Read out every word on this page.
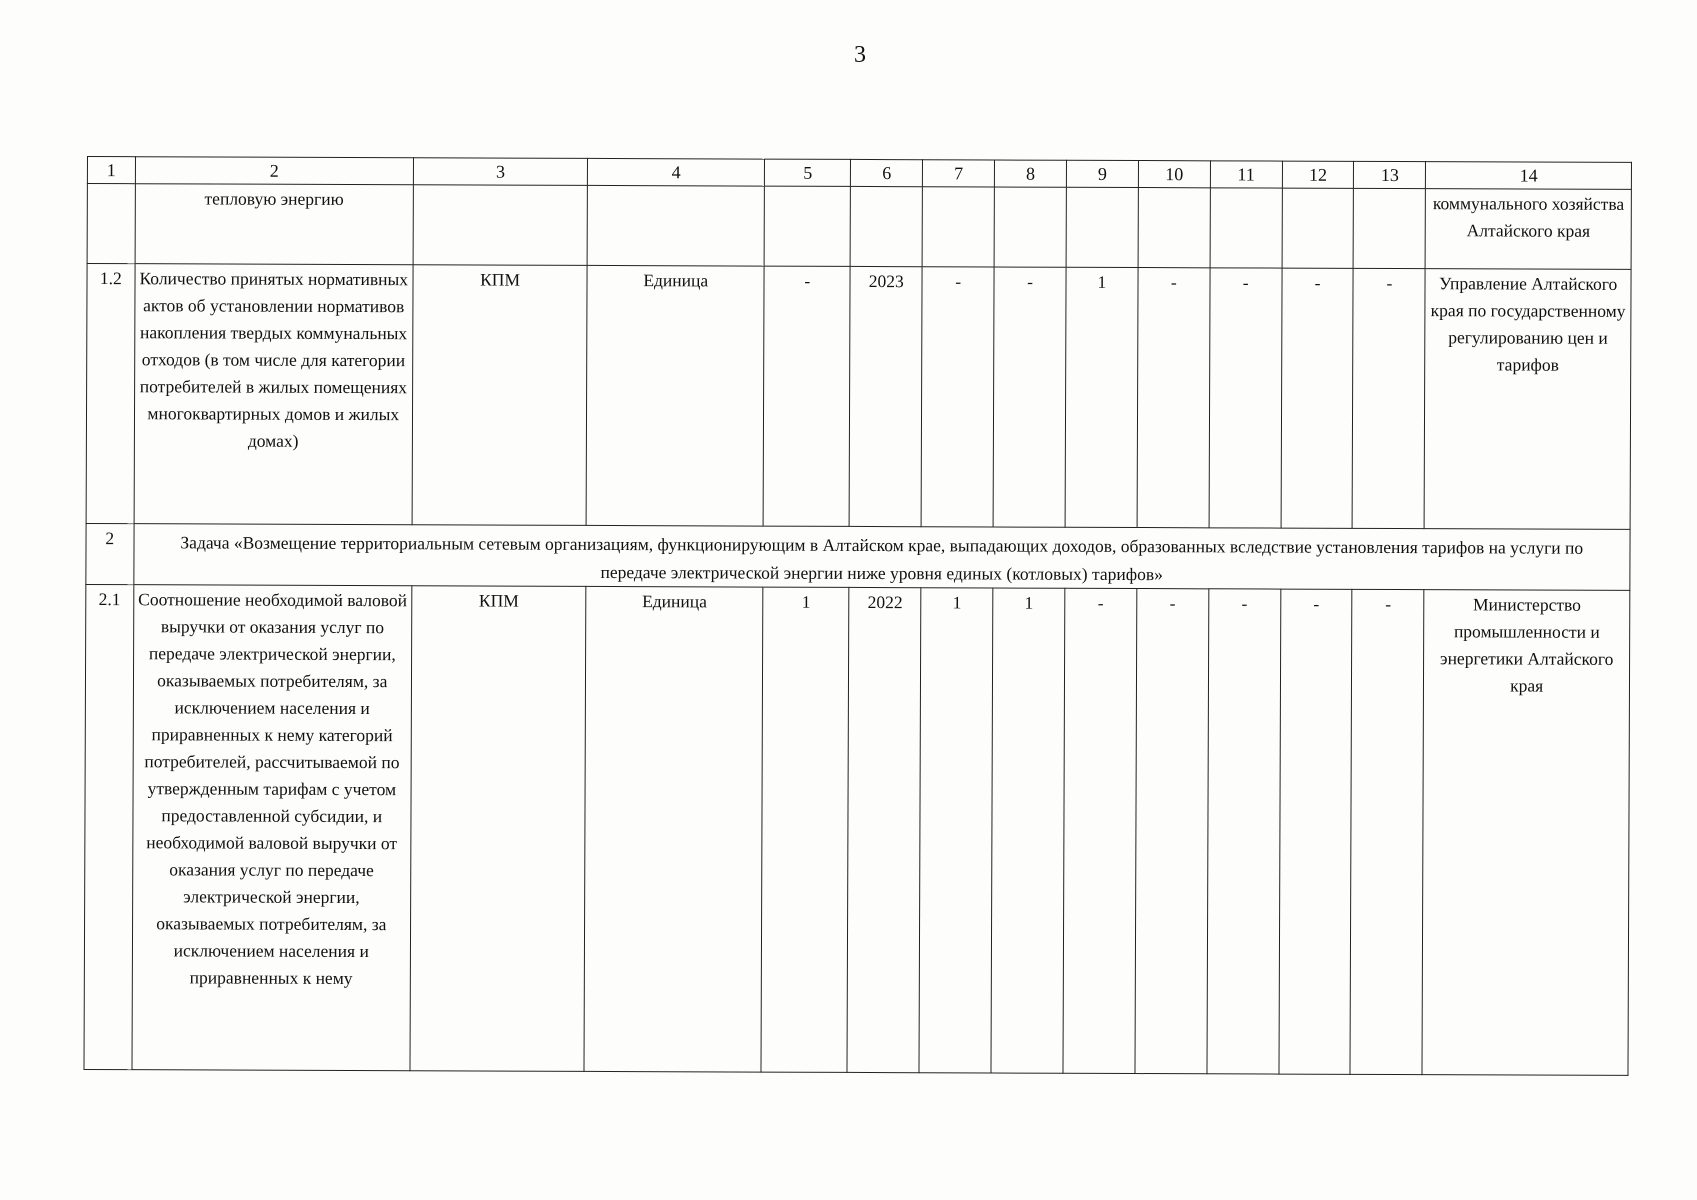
3
1	2	3	4	5	6	7	8	9	10	11	12	13	14
	тепловую энергию												коммунального хозяйства Алтайского края
1.2	Количество принятых нормативных актов об установлении нормативов накопления твердых коммунальных отходов (в том числе для категории потребителей в жилых помещениях многоквартирных домов и жилых домах)	КПМ	Единица	-	2023	-	-	1	-	-	-	-	Управление Алтайского края по государственному регулированию цен и тарифов
2	Задача «Возмещение территориальным сетевым организациям, функционирующим в Алтайском крае, выпадающих доходов, образованных вследствие установления тарифов на услуги по передаче электрической энергии ниже уровня единых (котловых) тарифов»												
2.1	Соотношение необходимой валовой выручки от оказания услуг по передаче электрической энергии, оказываемых потребителям, за исключением населения и приравненных к нему категорий потребителей, рассчитываемой по утвержденным тарифам с учетом предоставленной субсидии, и необходимой валовой выручки от оказания услуг по передаче электрической энергии, оказываемых потребителям, за исключением населения и приравненных к нему	КПМ	Единица	1	2022	1	1	-	-	-	-	-	Министерство промышленности и энергетики Алтайского края
